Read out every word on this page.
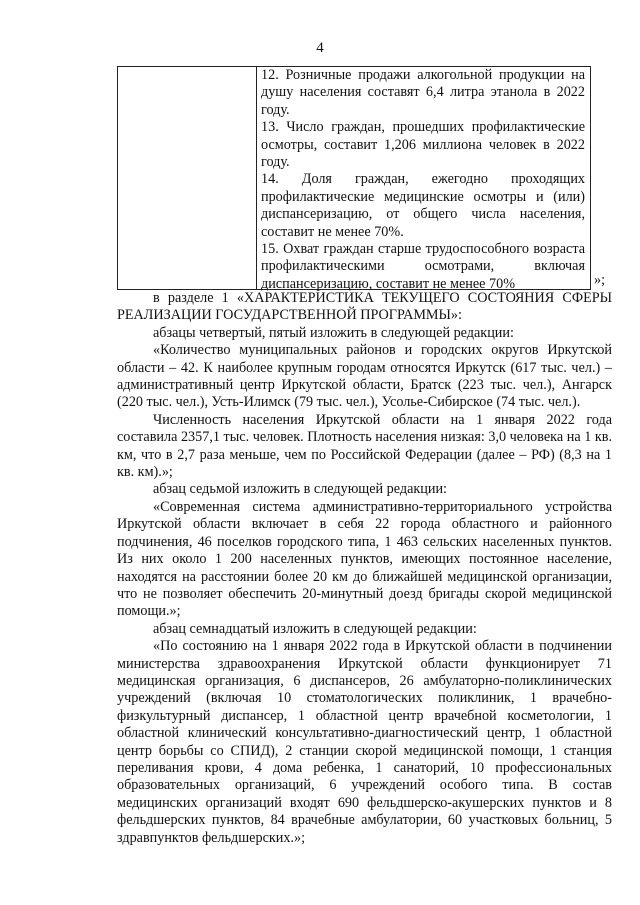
4

12. Розничные продажи алкогольной продукции на душу населения составят 6,4 литра этанола в 2022 году.

13. Число граждан, прошедших профилактические осмотры, составит 1,206 миллиона человек в 2022 году.

14. Доля граждан, ежегодно проходящих профилактические медицинские осмотры и (или) диспансеризацию, от общего числа населения, составит не менее 70%.

15. Охват граждан старше трудоспособного возраста профилактическими осмотрами, включая диспансеризацию, составит не менее 70%	»;

в разделе 1 «ХАРАКТЕРИСТИКА ТЕКУЩЕГО СОСТОЯНИЯ СФЕРЫ РЕАЛИЗАЦИИ ГОСУДАРСТВЕННОЙ ПРОГРАММЫ»:

абзацы четвертый, пятый изложить в следующей редакции:

«Количество муниципальных районов и городских округов Иркутской области – 42. К наиболее крупным городам относятся Иркутск (617 тыс. чел.) – административный центр Иркутской области, Братск (223 тыс. чел.), Ангарск (220 тыс. чел.), Усть-Илимск (79 тыс. чел.), Усолье-Сибирское (74 тыс. чел.).

Численность населения Иркутской области на 1 января 2022 года составила 2357,1 тыс. человек. Плотность населения низкая: 3,0 человека на 1 кв. км, что в 2,7 раза меньше, чем по Российской Федерации (далее – РФ) (8,3 на 1 кв. км).»;

абзац седьмой изложить в следующей редакции:

«Современная система административно-территориального устройства Иркутской области включает в себя 22 города областного и районного подчинения, 46 поселков городского типа, 1 463 сельских населенных пунктов. Из них около 1 200 населенных пунктов, имеющих постоянное население, находятся на расстоянии более 20 км до ближайшей медицинской организации, что не позволяет обеспечить 20-минутный доезд бригады скорой медицинской помощи.»;

абзац семнадцатый изложить в следующей редакции:

«По состоянию на 1 января 2022 года в Иркутской области в подчинении министерства здравоохранения Иркутской области функционирует 71 медицинская организация, 6 диспансеров, 26 амбулаторно-поликлинических учреждений (включая 10 стоматологических поликлиник, 1 врачебно-физкультурный диспансер, 1 областной центр врачебной косметологии, 1 областной клинический консультативно-диагностический центр, 1 областной центр борьбы со СПИД), 2 станции скорой медицинской помощи, 1 станция переливания крови, 4 дома ребенка, 1 санаторий, 10 профессиональных образовательных организаций, 6 учреждений особого типа. В состав медицинских организаций входят 690 фельдшерско-акушерских пунктов и 8 фельдшерских пунктов, 84 врачебные амбулатории, 60 участковых больниц, 5 здравпунктов фельдшерских.»;
